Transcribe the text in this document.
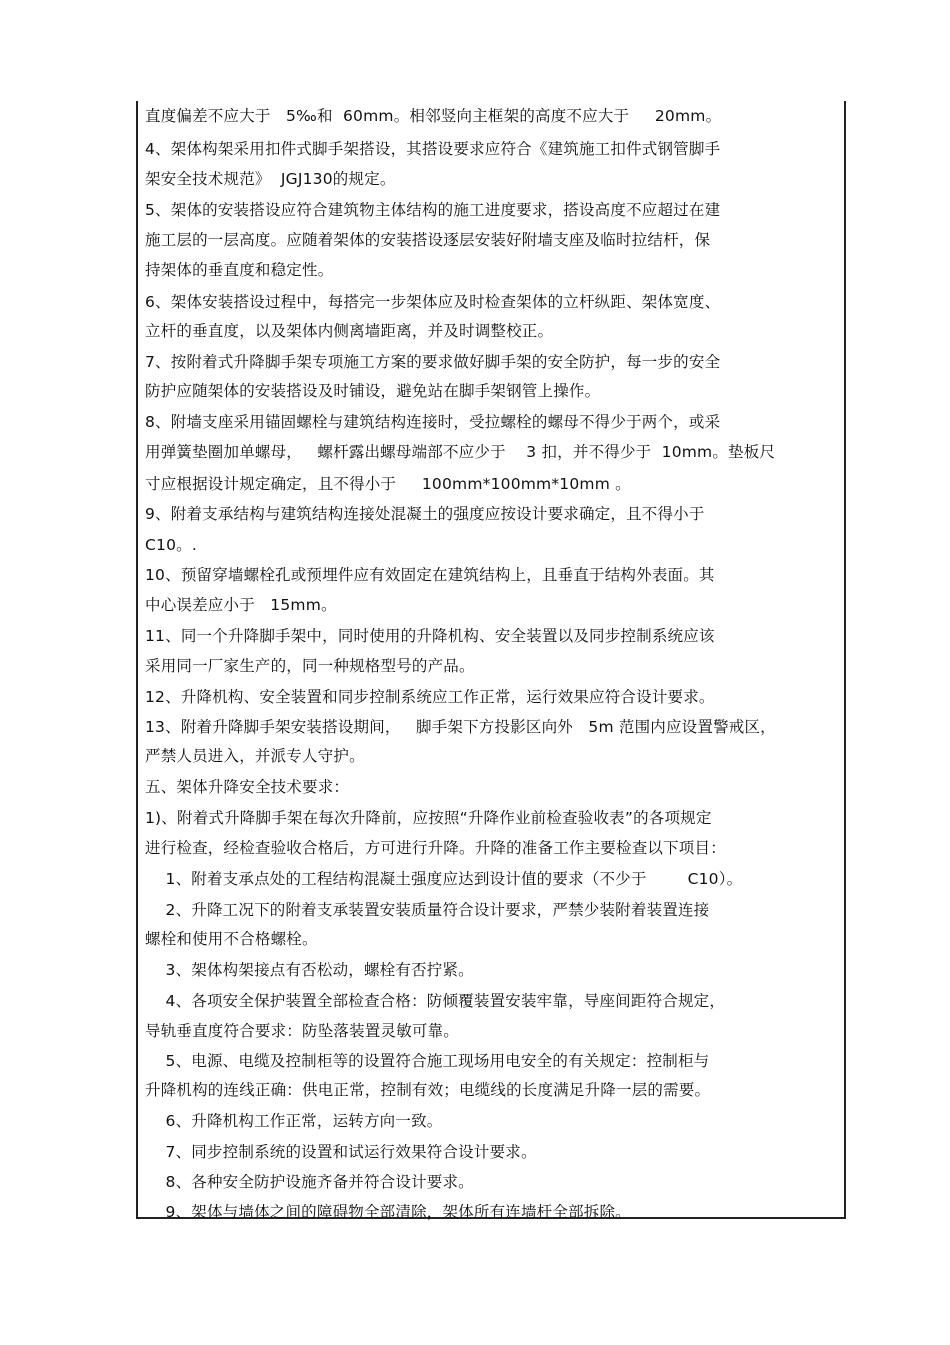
直度偏差不应大于   5‰和  60mm。相邻竖向主框架的高度不应大于     20mm。
4、架体构架采用扣件式脚手架搭设，其搭设要求应符合《建筑施工扣件式钢管脚手
架安全技术规范》  JGJ130的规定。
5、架体的安装搭设应符合建筑物主体结构的施工进度要求，搭设高度不应超过在建
施工层的一层高度。应随着架体的安装搭设逐层安装好附墙支座及临时拉结杆，保
持架体的垂直度和稳定性。
6、架体安装搭设过程中，每搭完一步架体应及时检查架体的立杆纵距、架体宽度、
立杆的垂直度，以及架体内侧离墙距离，并及时调整校正。
7、按附着式升降脚手架专项施工方案的要求做好脚手架的安全防护，每一步的安全
防护应随架体的安装搭设及时铺设，避免站在脚手架钢管上操作。
8、附墙支座采用锚固螺栓与建筑结构连接时，受拉螺栓的螺母不得少于两个，或采
用弹簧垫圈加单螺母，   螺杆露出螺母端部不应少于    3 扣，并不得少于  10mm。垫板尺
寸应根据设计规定确定，且不得小于     100mm*100mm*10mm 。
9、附着支承结构与建筑结构连接处混凝土的强度应按设计要求确定，且不得小于
C10。.
10、预留穿墙螺栓孔或预埋件应有效固定在建筑结构上，且垂直于结构外表面。其
中心误差应小于   15mm。
11、同一个升降脚手架中，同时使用的升降机构、安全装置以及同步控制系统应该
采用同一厂家生产的，同一种规格型号的产品。
12、升降机构、安全装置和同步控制系统应工作正常，运行效果应符合设计要求。
13、附着升降脚手架安装搭设期间，   脚手架下方投影区向外   5m 范围内应设置警戒区，
严禁人员进入，并派专人守护。
五、架体升降安全技术要求：
1)、附着式升降脚手架在每次升降前，应按照“升降作业前检查验收表”的各项规定
进行检查，经检查验收合格后，方可进行升降。升降的准备工作主要检查以下项目：
1、附着支承点处的工程结构混凝土强度应达到设计值的要求（不少于        C10）。
2、升降工况下的附着支承装置安装质量符合设计要求，严禁少装附着装置连接
螺栓和使用不合格螺栓。
3、架体构架接点有否松动，螺栓有否拧紧。
4、各项安全保护装置全部检查合格：防倾覆装置安装牢靠，导座间距符合规定，
导轨垂直度符合要求：防坠落装置灵敏可靠。
5、电源、电缆及控制柜等的设置符合施工现场用电安全的有关规定：控制柜与
升降机构的连线正确：供电正常，控制有效；电缆线的长度满足升降一层的需要。
6、升降机构工作正常，运转方向一致。
7、同步控制系统的设置和试运行效果符合设计要求。
8、各种安全防护设施齐备并符合设计要求。
9、架体与墙体之间的障碍物全部清除，架体所有连墙杆全部拆除。
